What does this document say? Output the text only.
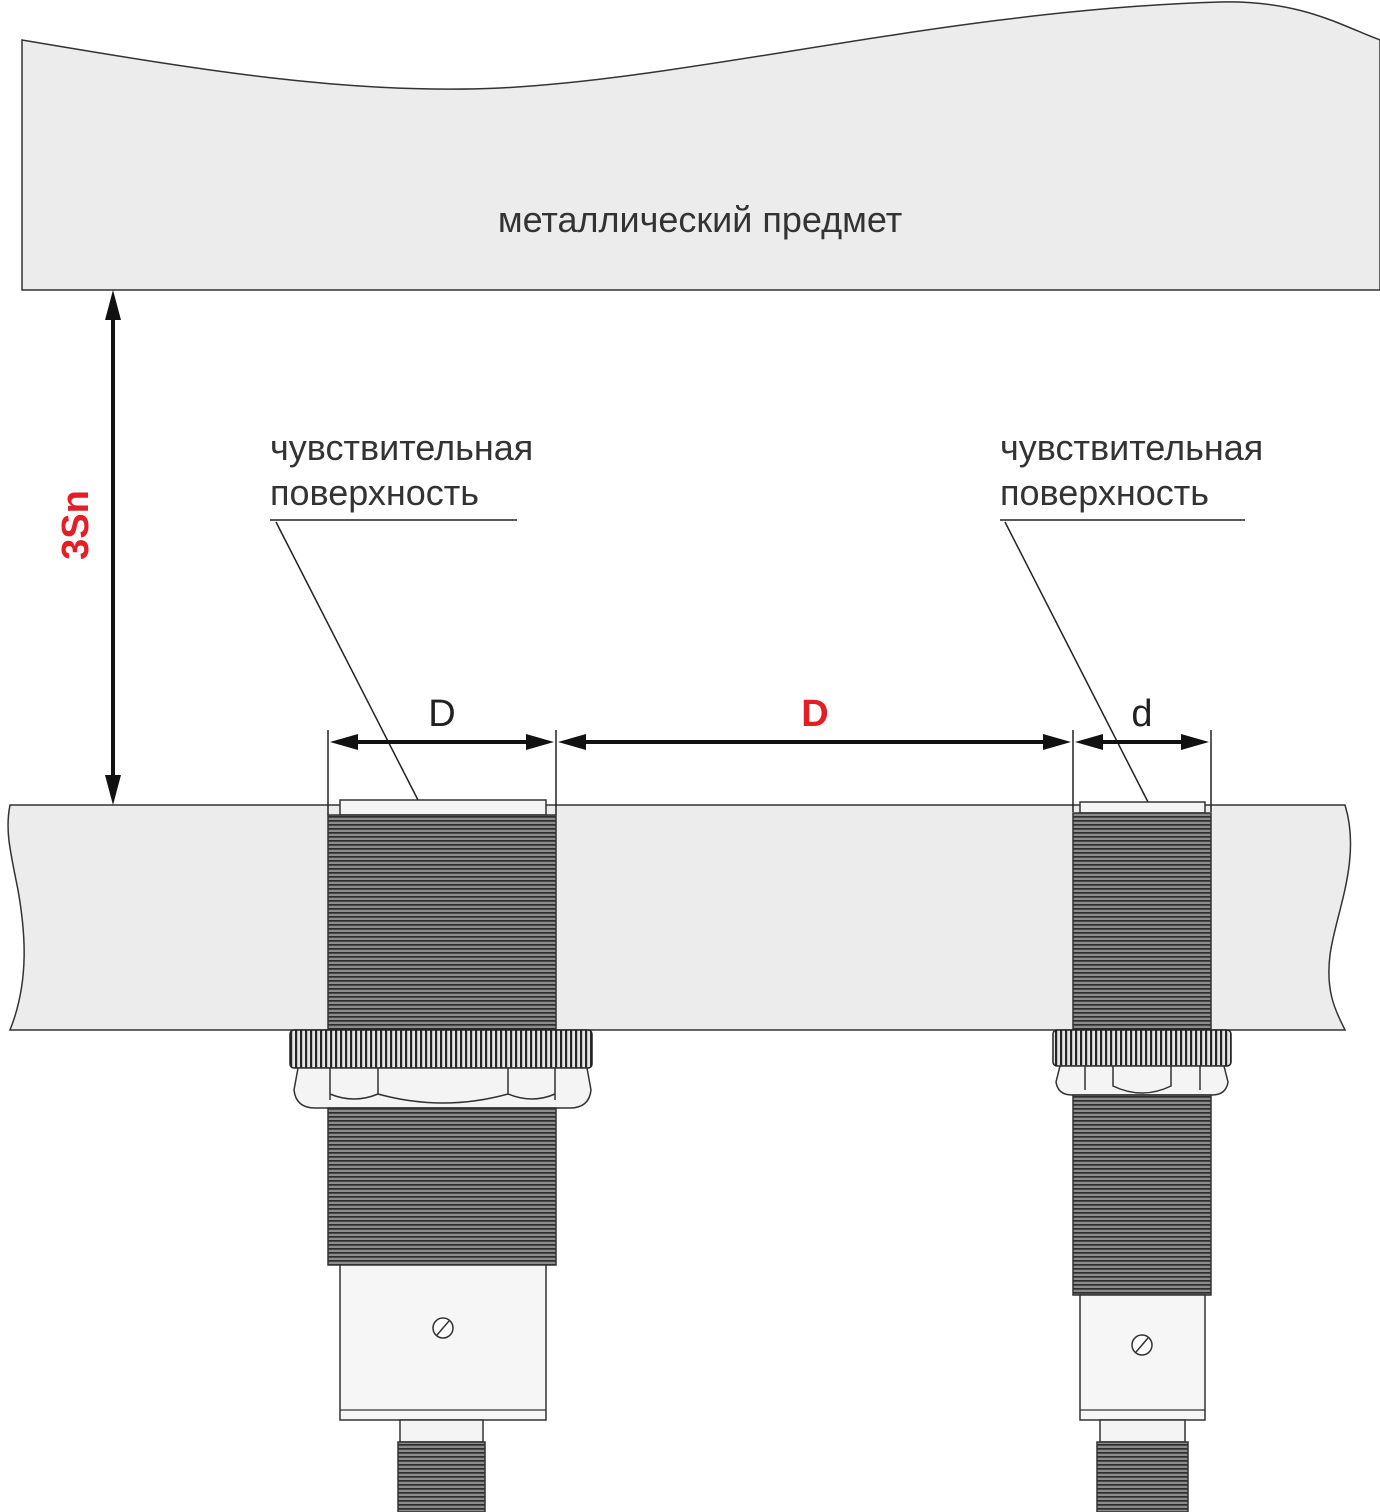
металлический предмет
3Sn
чувствительная
поверхность
чувствительная
поверхность
D	D	d
